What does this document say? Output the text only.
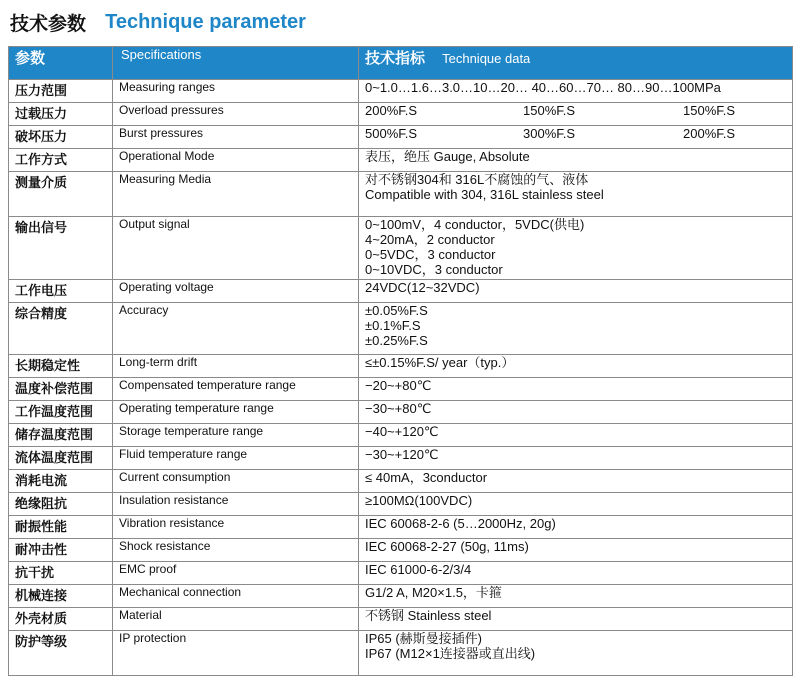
技术参数 Technique parameter
参数	Specifications	技术指标 Technique data
压力范围	Measuring ranges	0~1.0…1.6…3.0…10…20… 40…60…70… 80…90…100MPa

过载压力	Overload pressures	200%F.S 150%F.S 150%F.S
破坏压力	Burst pressures	500%F.S 300%F.S 200%F.S
工作方式	Operational Mode	表压，绝压 Gauge, Absolute

测量介质	Measuring Media	对不锈钢304和 316L不腐蚀的气、液体
Compatible with 304, 316L stainless steel

输出信号	Output signal	0~100mV，4 conductor，5VDC(供电)
4~20mA，2 conductor
0~5VDC，3 conductor
0~10VDC，3 conductor

工作电压	Operating voltage	24VDC(12~32VDC)

综合精度	Accuracy	±0.05%F.S
±0.1%F.S
±0.25%F.S

长期稳定性	Long-term drift	≤±0.15%F.S/ year（typ.）

温度补偿范围	Compensated temperature range	−20~+80℃

工作温度范围	Operating temperature range	−30~+80℃

储存温度范围	Storage temperature range	−40~+120℃

流体温度范围	Fluid temperature range	−30~+120℃

消耗电流	Current consumption	≤ 40mA，3conductor

绝缘阻抗	Insulation resistance	≥100MΩ(100VDC)

耐振性能	Vibration resistance	IEC 60068-2-6 (5…2000Hz, 20g)

耐冲击性	Shock resistance	IEC 60068-2-27 (50g, 11ms)

抗干扰	EMC proof	IEC 61000-6-2/3/4

机械连接	Mechanical connection	G1/2 A, M20×1.5，卡箍

外壳材质	Material	不锈钢 Stainless steel

防护等级	IP protection	IP65 (赫斯曼接插件)
IP67 (M12×1连接器或直出线)
